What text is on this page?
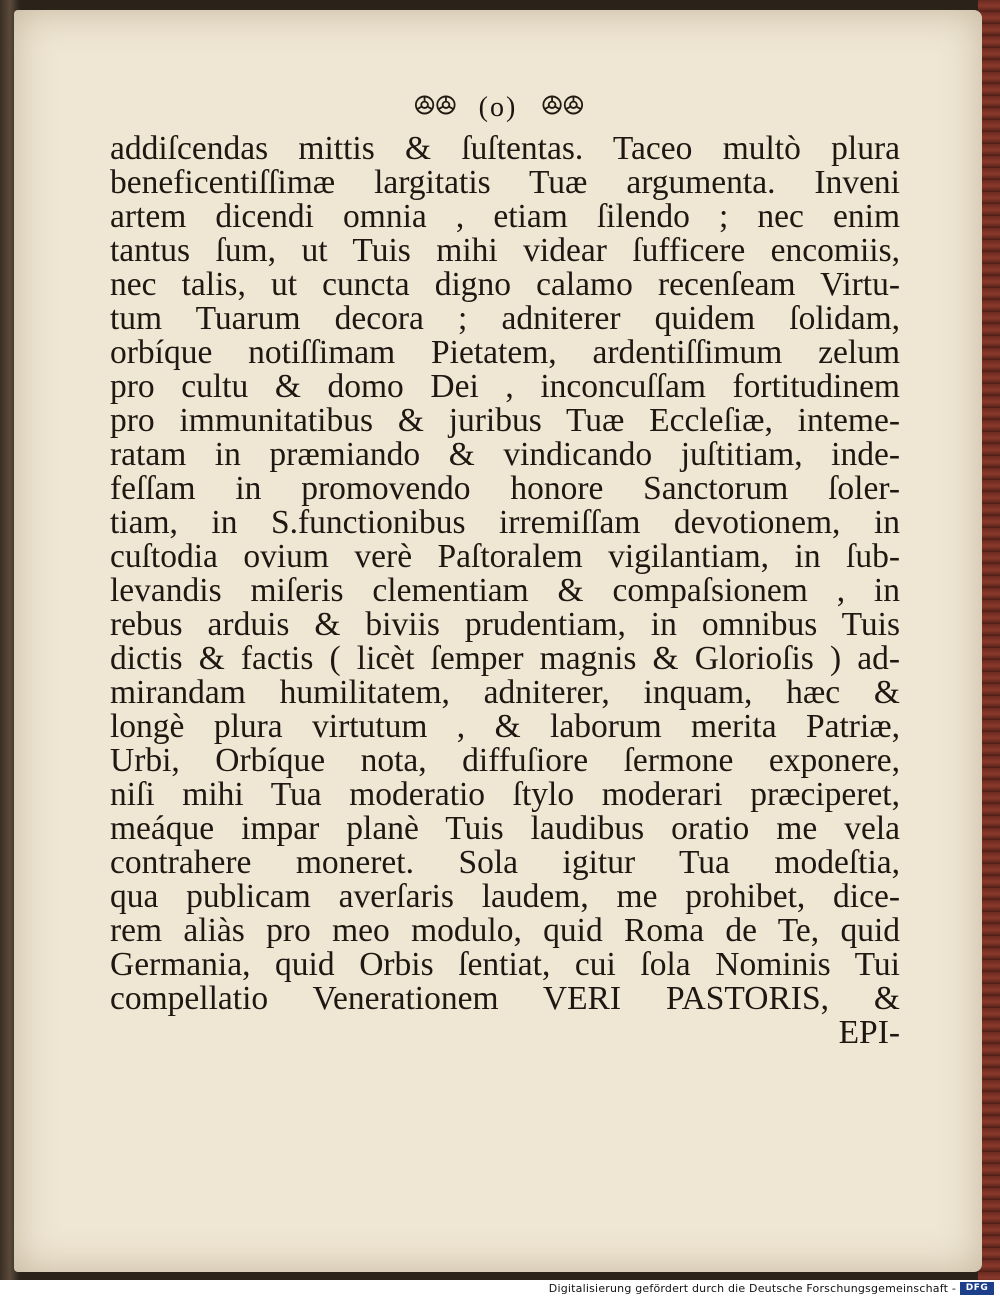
ꔮꔮ (o) ꔮꔮ
addiſcendas mittis & ſuſtentas. Taceo multò plura
beneficentiſſimæ largitatis Tuæ argumenta. Inveni
artem dicendi omnia , etiam ſilendo ; nec enim
tantus ſum, ut Tuis mihi videar ſufficere encomiis,
nec talis, ut cuncta digno calamo recenſeam Virtu-
tum Tuarum decora ; adniterer quidem ſolidam,
orbíque notiſſimam Pietatem, ardentiſſimum zelum
pro cultu & domo Dei , inconcuſſam fortitudinem
pro immunitatibus & juribus Tuæ Eccleſiæ, inteme-
ratam in præmiando & vindicando juſtitiam, inde-
feſſam in promovendo honore Sanctorum ſoler-
tiam, in S.functionibus irremiſſam devotionem, in
cuſtodia ovium verè Paſtoralem vigilantiam, in ſub-
levandis miſeris clementiam & compaſsionem , in
rebus arduis & biviis prudentiam, in omnibus Tuis
dictis & factis ( licèt ſemper magnis & Glorioſis ) ad-
mirandam humilitatem, adniterer, inquam, hæc &
longè plura virtutum , & laborum merita Patriæ,
Urbi, Orbíque nota, diffuſiore ſermone exponere,
niſi mihi Tua moderatio ſtylo moderari præciperet,
meáque impar planè Tuis laudibus oratio me vela
contrahere moneret. Sola igitur Tua modeſtia,
qua publicam averſaris laudem, me prohibet, dice-
rem aliàs pro meo modulo, quid Roma de Te, quid
Germania, quid Orbis ſentiat, cui ſola Nominis Tui
compellatio Venerationem VERI PASTORIS, &
EPI-
Digitalisierung gefördert durch die Deutsche Forschungsgemeinschaft -	DFG
